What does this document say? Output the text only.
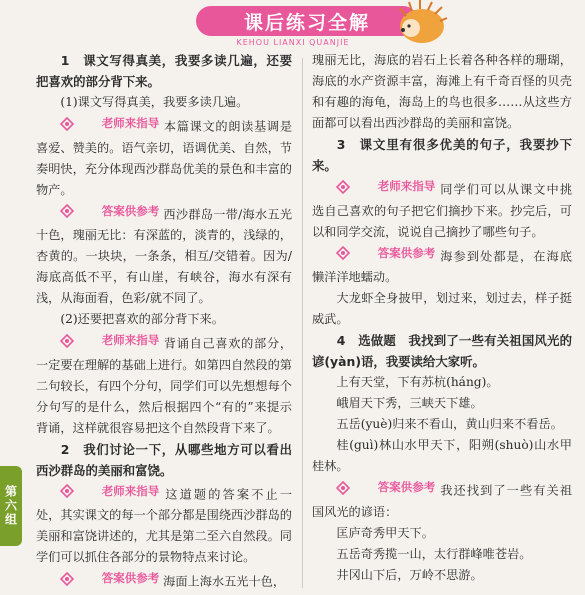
课后练习全解
KEHOU LIANXI QUANJIE

1　课文写得真美，我要多读几遍，还要把喜欢的部分背下来。

(1)课文写得真美，我要多读几遍。

老师来指导 本篇课文的朗读基调是喜爱、赞美的。语气亲切，语调优美、自然，节奏明快，充分体现西沙群岛优美的景色和丰富的物产。

答案供参考 西沙群岛一带/海水五光十色，瑰丽无比：有深蓝的，淡青的，浅绿的，杏黄的。一块块，一条条，相互/交错着。因为/海底高低不平，有山崖，有峡谷，海水有深有浅，从海面看，色彩/就不同了。

(2)还要把喜欢的部分背下来。

老师来指导 背诵自己喜欢的部分，一定要在理解的基础上进行。如第四自然段的第二句较长，有四个分句，同学们可以先想想每个分句写的是什么，然后根据四个“有的”来提示背诵，这样就很容易把这个自然段背下来了。

2　我们讨论一下，从哪些地方可以看出西沙群岛的美丽和富饶。

老师来指导 这道题的答案不止一处，其实课文的每一个部分都是围绕西沙群岛的美丽和富饶讲述的，尤其是第二至六自然段。同学们可以抓住各部分的景物特点来讨论。

答案供参考 海面上海水五光十色，

瑰丽无比，海底的岩石上长着各种各样的珊瑚，海底的水产资源丰富，海滩上有千奇百怪的贝壳和有趣的海龟，海岛上的鸟也很多……从这些方面都可以看出西沙群岛的美丽和富饶。

3　课文里有很多优美的句子，我要抄下来。

老师来指导 同学们可以从课文中挑选自己喜欢的句子把它们摘抄下来。抄完后，可以和同学交流，说说自己摘抄了哪些句子。

答案供参考 海参到处都是，在海底懒洋洋地蠕动。

大龙虾全身披甲，划过来，划过去，样子挺威武。

4　选做题　我找到了一些有关祖国风光的谚(yàn)语，我要读给大家听。

上有天堂，下有苏杭(háng)。

峨眉天下秀，三峡天下雄。

五岳(yuè)归来不看山，黄山归来不看岳。

桂(guì)林山水甲天下，阳朔(shuò)山水甲桂林。

答案供参考 我还找到了一些有关祖国风光的谚语：

匡庐奇秀甲天下。

五岳奇秀揽一山，太行群峰唯苍岩。

井冈山下后，万岭不思游。

第六组
